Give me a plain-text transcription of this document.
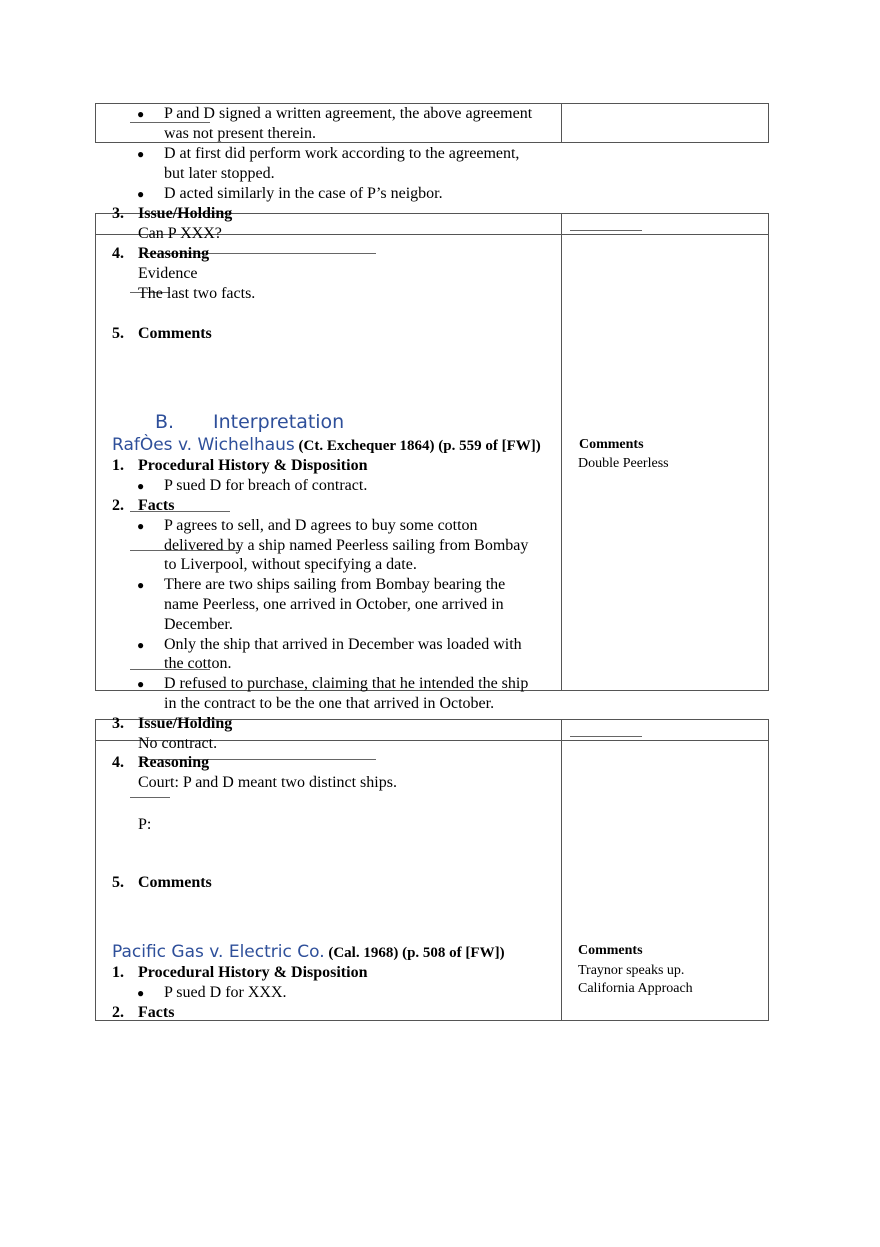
● P and D signed a written agreement, the above agreement
was not present therein.
● D at first did perform work according to the agreement,
but later stopped.
● D acted similarly in the case of P’s neigbor.
3. Issue/Holding
Can P XXX?
4. Reasoning
Evidence
The last two facts.
5. Comments
B. Interpretation
RafÒes v. Wichelhaus (Ct. Exchequer 1864) (p. 559 of [FW])	Comments
Double Peerless
1. Procedural History & Disposition
● P sued D for breach of contract.
2. Facts
● P agrees to sell, and D agrees to buy some cotton
delivered by a ship named Peerless sailing from Bombay
to Liverpool, without specifying a date.
● There are two ships sailing from Bombay bearing the
name Peerless, one arrived in October, one arrived in
December.
● Only the ship that arrived in December was loaded with
the cotton.
● D refused to purchase, claiming that he intended the ship
in the contract to be the one that arrived in October.
3. Issue/Holding
No contract.
4. Reasoning
Court: P and D meant two distinct ships.
P:
5. Comments
Pacific Gas v. Electric Co. (Cal. 1968) (p. 508 of [FW])	Comments
Traynor speaks up.
California Approach
1. Procedural History & Disposition
● P sued D for XXX.
2. Facts
